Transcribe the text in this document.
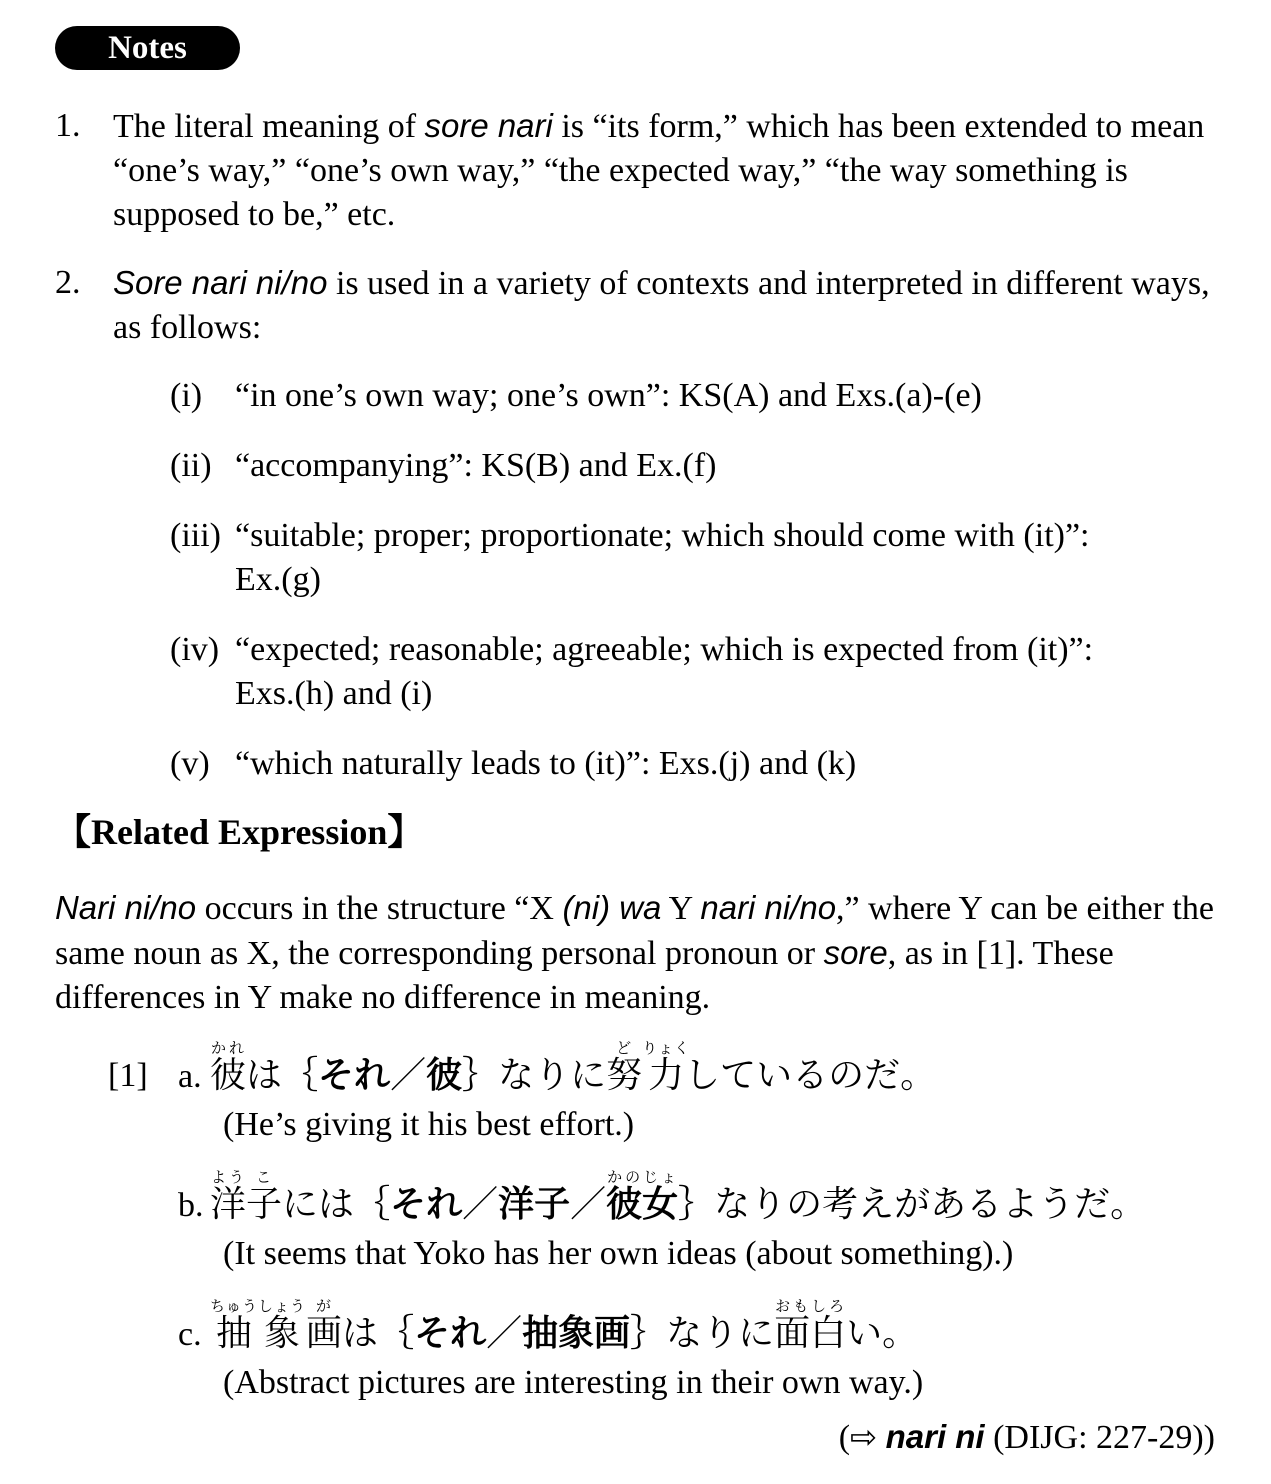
Notes
1. The literal meaning of sore nari is “its form,” which has been extended to mean “one’s way,” “one’s own way,” “the expected way,” “the way something is supposed to be,” etc.
2. Sore nari ni/no is used in a variety of contexts and interpreted in different ways, as follows:
(i) “in one’s own way; one’s own”: KS(A) and Exs.(a)-(e)
(ii) “accompanying”: KS(B) and Ex.(f)
(iii) “suitable; proper; proportionate; which should come with (it)”:
Ex.(g)
(iv) “expected; reasonable; agreeable; which is expected from (it)”:
Exs.(h) and (i)
(v) “which naturally leads to (it)”: Exs.(j) and (k)
【Related Expression】
Nari ni/no occurs in the structure “X (ni) wa Y nari ni/no,” where Y can be either the same noun as X, the corresponding personal pronoun or sore, as in [1]. These differences in Y make no difference in meaning.
[1] a. 彼かれは｛それ／彼｝なりに努ど力りょくしているのだ。
(He’s giving it his best effort.)
b. 洋よう子こには｛それ／洋子／彼女かのじょ｝なりの考えがあるようだ。
(It seems that Yoko has her own ideas (about something).)
c. 抽象ちゅうしょう画がは｛それ／抽象画｝なりに面白おもしろい。
(Abstract pictures are interesting in their own way.)
(⇨ nari ni (DIJG: 227-29))
